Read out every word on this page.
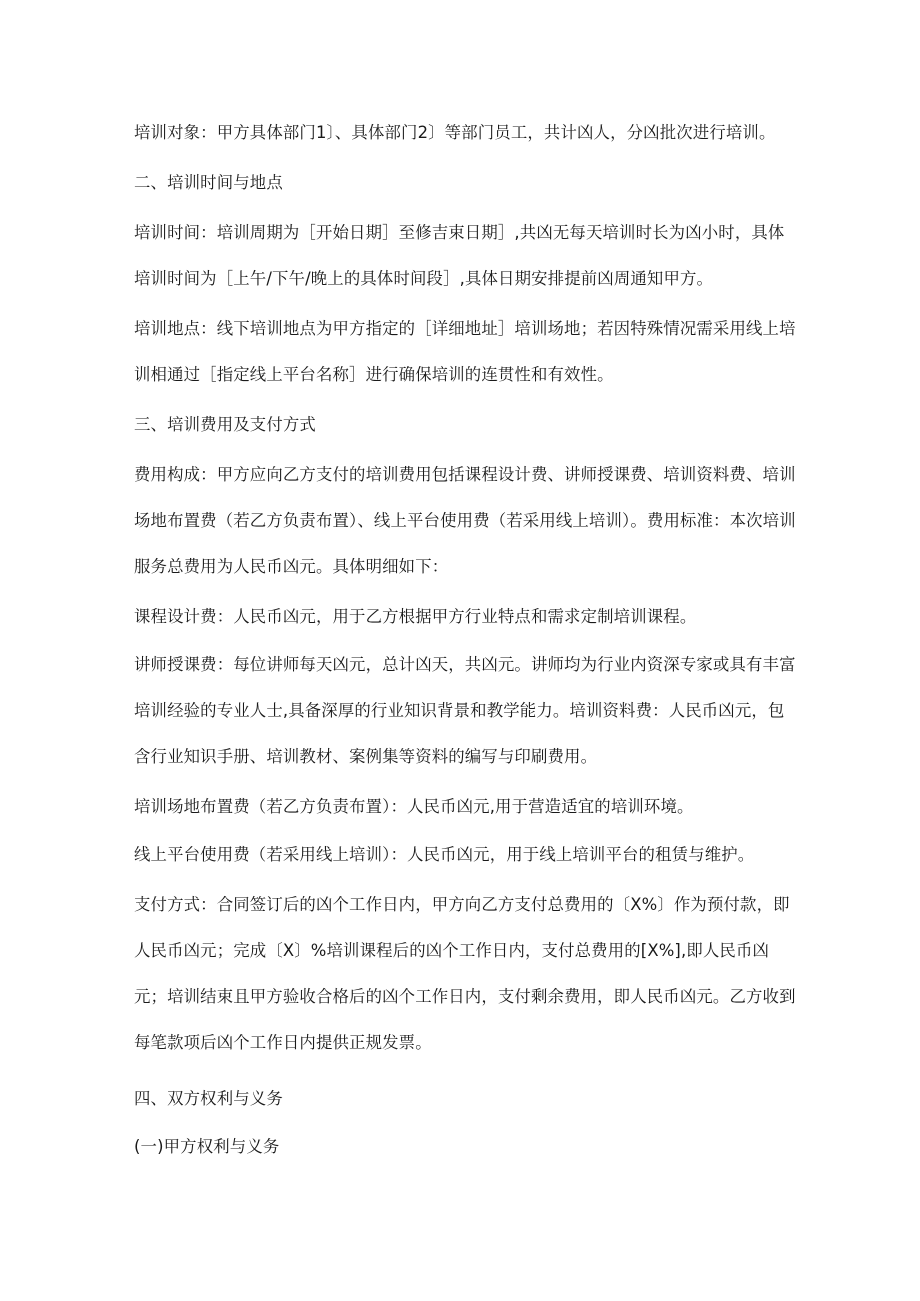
培训对象：甲方具体部门1〕、具体部门2〕等部门员工，共计凶人，分凶批次进行培训。

二、培训时间与地点

培训时间：培训周期为［开始日期］至修吉束日期］,共凶无每天培训时长为凶小时，具体培训时间为［上午/下午/晚上的具体时间段］,具体日期安排提前凶周通知甲方。

培训地点：线下培训地点为甲方指定的［详细地址］培训场地；若因特殊情况需采用线上培训相通过［指定线上平台名称］进行确保培训的连贯性和有效性。

三、培训费用及支付方式

费用构成：甲方应向乙方支付的培训费用包括课程设计费、讲师授课费、培训资料费、培训场地布置费（若乙方负责布置）、线上平台使用费（若采用线上培训）。费用标准：本次培训服务总费用为人民币凶元。具体明细如下：

课程设计费：人民币凶元，用于乙方根据甲方行业特点和需求定制培训课程。

讲师授课费：每位讲师每天凶元，总计凶天，共凶元。讲师均为行业内资深专家或具有丰富培训经验的专业人士,具备深厚的行业知识背景和教学能力。培训资料费：人民币凶元，包含行业知识手册、培训教材、案例集等资料的编写与印刷费用。

培训场地布置费（若乙方负责布置）：人民币凶元,用于营造适宜的培训环境。

线上平台使用费（若采用线上培训）：人民币凶元，用于线上培训平台的租赁与维护。

支付方式：合同签订后的凶个工作日内，甲方向乙方支付总费用的〔X%〕作为预付款，即人民币凶元；完成〔X〕%培训课程后的凶个工作日内，支付总费用的[X%],即人民币凶元；培训结束且甲方验收合格后的凶个工作日内，支付剩余费用，即人民币凶元。乙方收到每笔款项后凶个工作日内提供正规发票。

四、双方权利与义务

(一)甲方权利与义务
